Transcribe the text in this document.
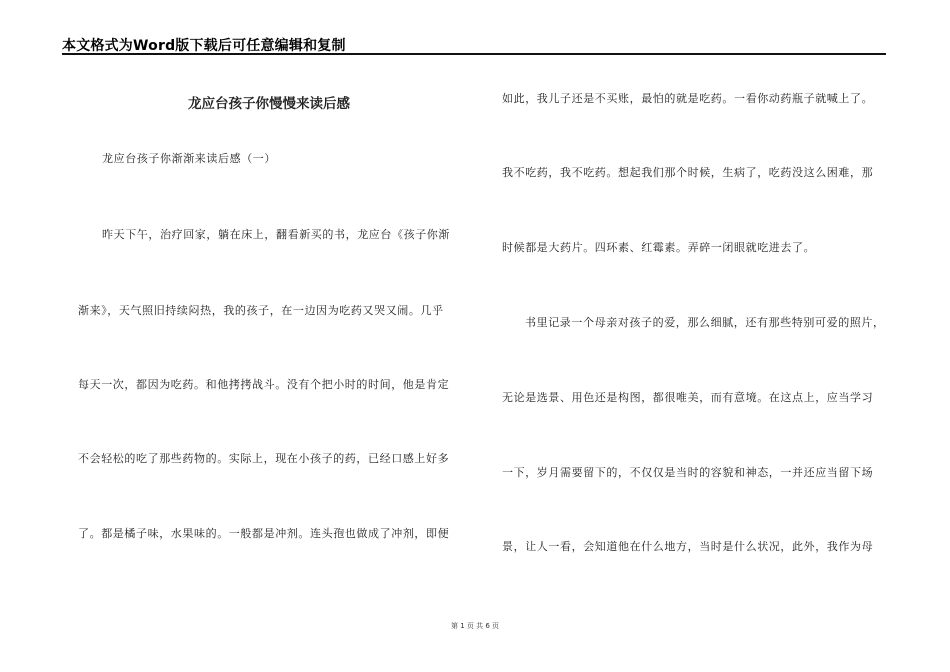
本文格式为Word版下载后可任意编辑和复制
龙应台孩子你慢慢来读后感
龙应台孩子你渐渐来读后感（一）
昨天下午，治疗回家，躺在床上，翻看新买的书，龙应台《孩子你渐
渐来》，天气照旧持续闷热，我的孩子，在一边因为吃药又哭又闹。几乎
每天一次，都因为吃药。和他拷拷战斗。没有个把小时的时间，他是肯定
不会轻松的吃了那些药物的。实际上，现在小孩子的药，已经口感上好多
了。都是橘子味，水果味的。一般都是冲剂。连头孢也做成了冲剂，即便
如此，我儿子还是不买账，最怕的就是吃药。一看你动药瓶子就喊上了。
我不吃药，我不吃药。想起我们那个时候，生病了，吃药没这么困难，那
时候都是大药片。四环素、红霉素。弄碎一闭眼就吃进去了。
书里记录一个母亲对孩子的爱，那么细腻，还有那些特别可爱的照片，
无论是选景、用色还是构图，都很唯美，而有意境。在这点上，应当学习
一下，岁月需要留下的，不仅仅是当时的容貌和神态，一并还应当留下场
景，让人一看，会知道他在什么地方，当时是什么状况，此外，我作为母
第 1 页 共 6 页
